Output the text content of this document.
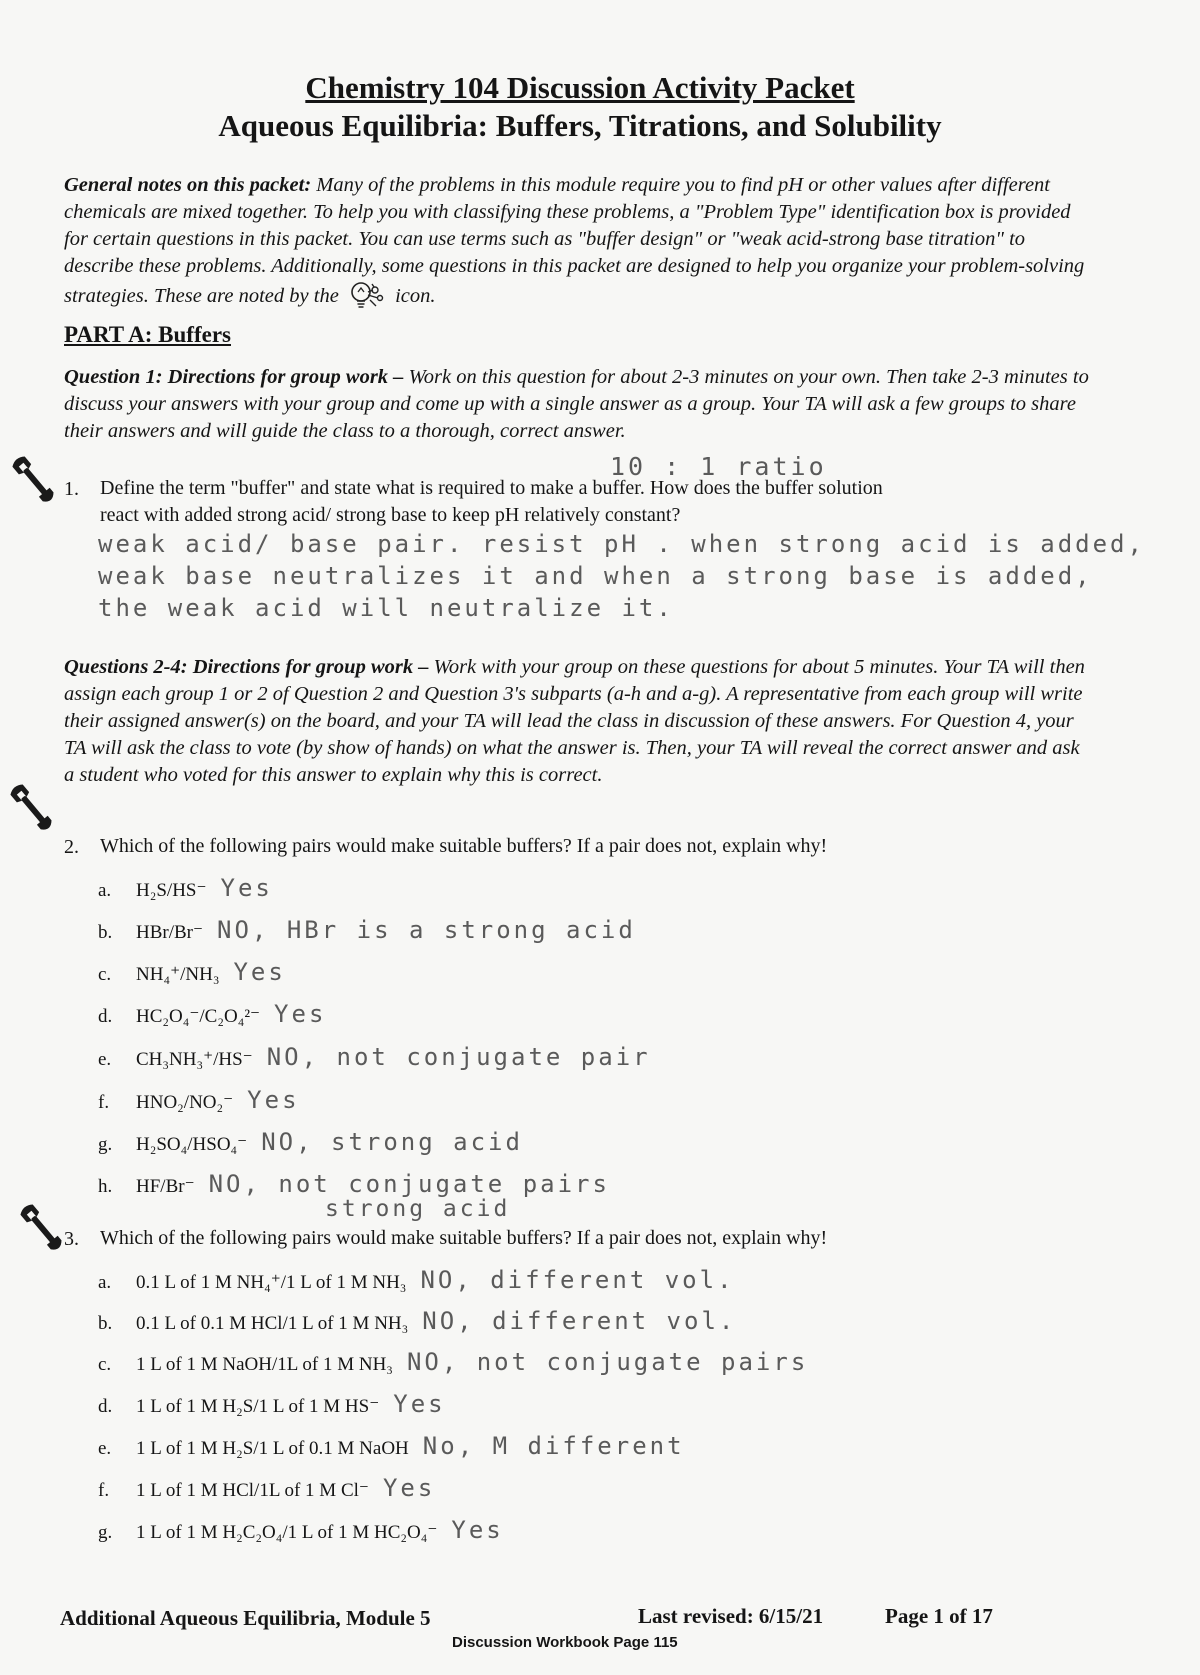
Chemistry 104 Discussion Activity Packet
Aqueous Equilibria: Buffers, Titrations, and Solubility
General notes on this packet: Many of the problems in this module require you to find pH or other values after different chemicals are mixed together. To help you with classifying these problems, a "Problem Type" identification box is provided for certain questions in this packet. You can use terms such as "buffer design" or "weak acid-strong base titration" to describe these problems. Additionally, some questions in this packet are designed to help you organize your problem-solving strategies. These are noted by the	icon.
PART A: Buffers
Question 1: Directions for group work – Work on this question for about 2-3 minutes on your own. Then take 2-3 minutes to discuss your answers with your group and come up with a single answer as a group. Your TA will ask a few groups to share their answers and will guide the class to a thorough, correct answer.
10 : 1 ratio
1. Define the term "buffer" and state what is required to make a buffer. How does the buffer solution
react with added strong acid/ strong base to keep pH relatively constant?
weak acid/ base pair. resist pH . when strong acid is added,
weak base neutralizes it and when a strong base is added,
the weak acid will neutralize it.
Questions 2-4: Directions for group work – Work with your group on these questions for about 5 minutes. Your TA will then assign each group 1 or 2 of Question 2 and Question 3's subparts (a-h and a-g). A representative from each group will write their assigned answer(s) on the board, and your TA will lead the class in discussion of these answers. For Question 4, your TA will ask the class to vote (by show of hands) on what the answer is. Then, your TA will reveal the correct answer and ask a student who voted for this answer to explain why this is correct.
2. Which of the following pairs would make suitable buffers? If a pair does not, explain why!
a. H₂S/HS⁻ Yes
b. HBr/Br⁻ NO, HBr is a strong acid
c. NH₄⁺/NH₃ Yes
d. HC₂O₄⁻/C₂O₄²⁻ Yes
e. CH₃NH₃⁺/HS⁻ NO, not conjugate pair
f. HNO₂/NO₂⁻ Yes
g. H₂SO₄/HSO₄⁻ NO, strong acid
h. HF/Br⁻ NO, not conjugate pairs
strong acid
3. Which of the following pairs would make suitable buffers? If a pair does not, explain why!
a. 0.1 L of 1 M NH₄⁺/1 L of 1 M NH₃ NO, different vol.
b. 0.1 L of 0.1 M HCl/1 L of 1 M NH₃ NO, different vol.
c. 1 L of 1 M NaOH/1L of 1 M NH₃ NO, not conjugate pairs
d. 1 L of 1 M H₂S/1 L of 1 M HS⁻ Yes
e. 1 L of 1 M H₂S/1 L of 0.1 M NaOH No, M different
f. 1 L of 1 M HCl/1L of 1 M Cl⁻ Yes
g. 1 L of 1 M H₂C₂O₄/1 L of 1 M HC₂O₄⁻ Yes
Additional Aqueous Equilibria, Module 5	Last revised: 6/15/21	Page 1 of 17
Discussion Workbook Page 115
